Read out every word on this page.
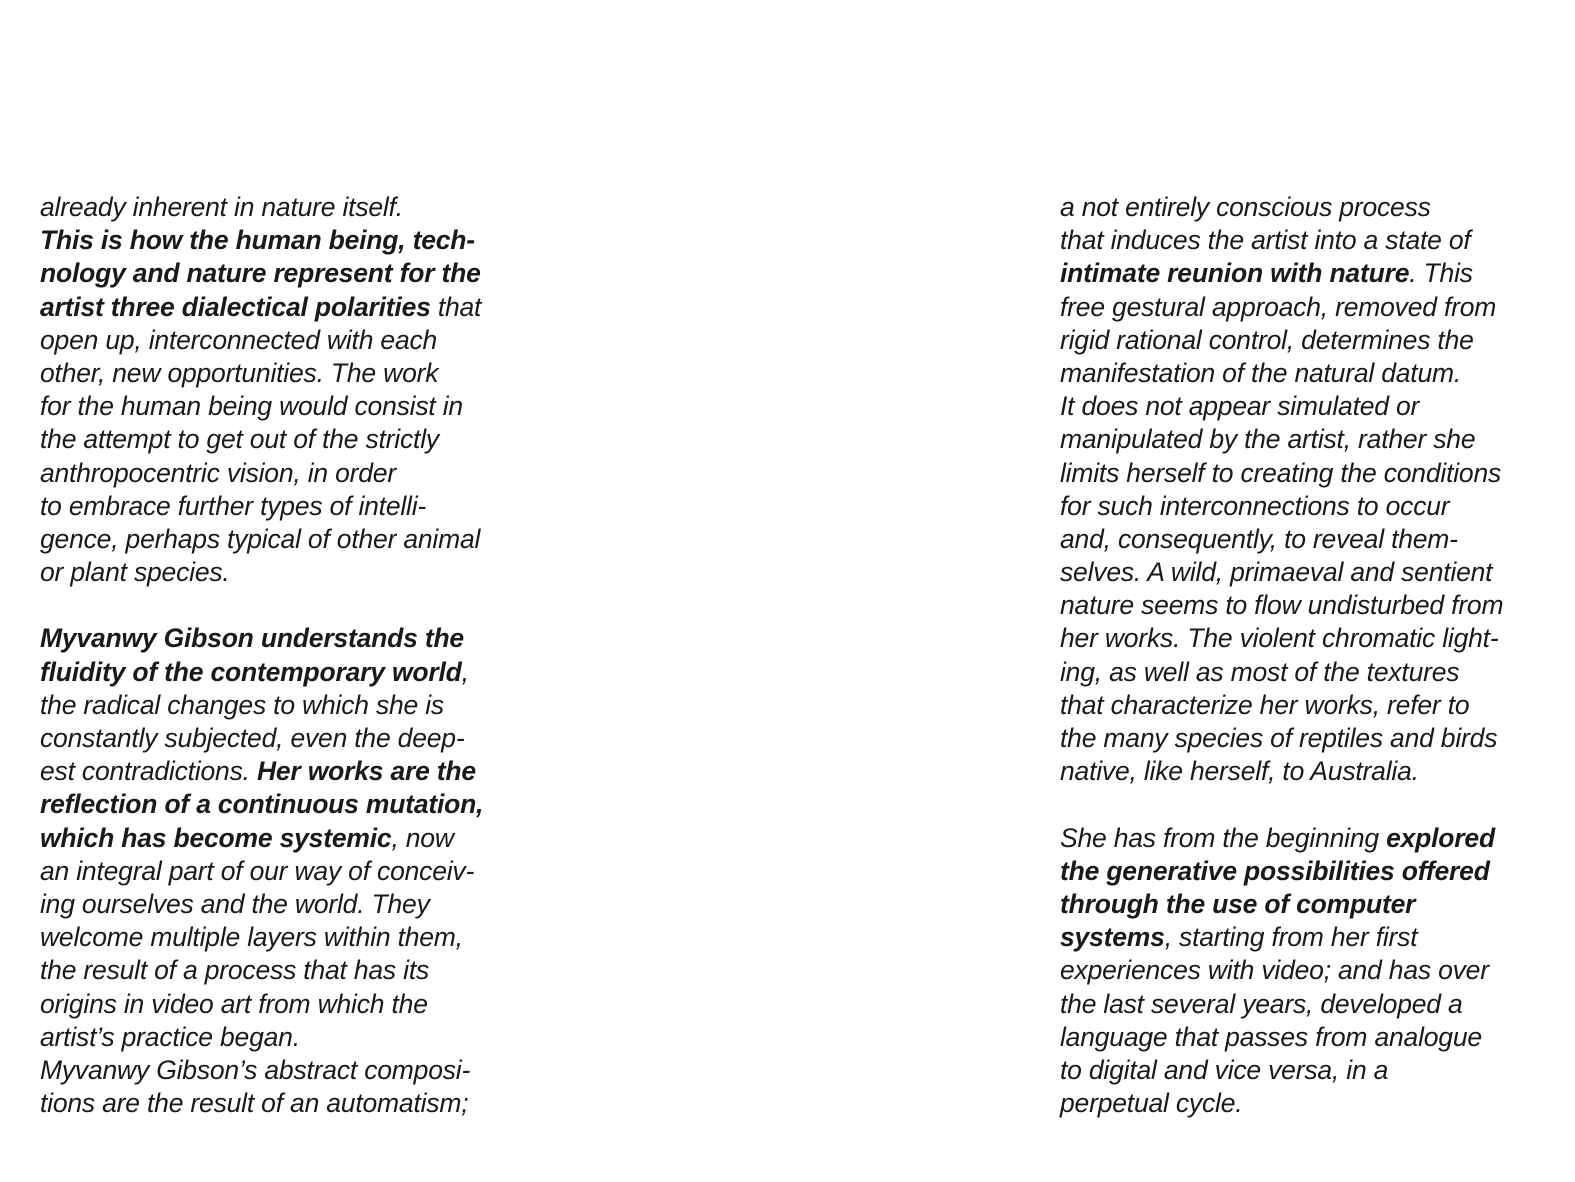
already inherent in nature itself.
This is how the human being, tech-
nology and nature represent for the
artist three dialectical polarities that
open up, interconnected with each
other, new opportunities. The work
for the human being would consist in
the attempt to get out of the strictly
anthropocentric vision, in order
to embrace further types of intelli-
gence, perhaps typical of other animal
or plant species.
Myvanwy Gibson understands the
fluidity of the contemporary world,
the radical changes to which she is
constantly subjected, even the deep-
est contradictions. Her works are the
reflection of a continuous mutation,
which has become systemic, now
an integral part of our way of conceiv-
ing ourselves and the world. They
welcome multiple layers within them,
the result of a process that has its
origins in video art from which the
artist’s practice began.
Myvanwy Gibson’s abstract composi-
tions are the result of an automatism;
a not entirely conscious process
that induces the artist into a state of
intimate reunion with nature. This
free gestural approach, removed from
rigid rational control, determines the
manifestation of the natural datum.
It does not appear simulated or
manipulated by the artist, rather she
limits herself to creating the conditions
for such interconnections to occur
and, consequently, to reveal them-
selves. A wild, primaeval and sentient
nature seems to flow undisturbed from
her works. The violent chromatic light-
ing, as well as most of the textures
that characterize her works, refer to
the many species of reptiles and birds
native, like herself, to Australia.
She has from the beginning explored
the generative possibilities offered
through the use of computer
systems, starting from her first
experiences with video; and has over
the last several years, developed a
language that passes from analogue
to digital and vice versa, in a
perpetual cycle.
